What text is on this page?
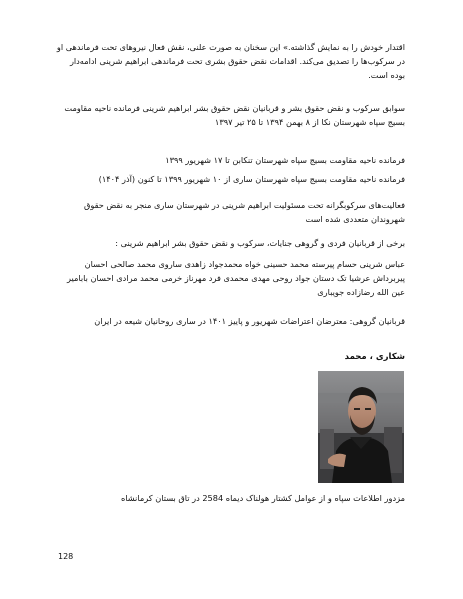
اقتدار خودش را به نمایش گذاشته.» این سخنان به صورت علنی، نقش فعال نیروهای تحت فرماندهی او در سرکوب‌ها را تصدیق می‌کند. اقدامات نقض حقوق بشری تحت فرماندهی ابراهیم شرینی ادامه‌دار بوده است.
سوابق سرکوب و نقض حقوق بشر و قربانیان نقض حقوق بشر ابراهیم شرینی فرمانده ناحیه مقاومت بسیج سپاه شهرستان نکا از ۸ بهمن ۱۳۹۴ تا ۲۵ تیر ۱۳۹۷
فرمانده ناحیه مقاومت بسیج سپاه شهرستان تنکابن تا ۱۷ شهریور ۱۳۹۹
فرمانده ناحیه مقاومت بسیج سپاه شهرستان ساری از ۱۰ شهریور ۱۳۹۹ تا کنون (آذر ۱۴۰۴)
فعالیت‌های سرکوبگرانه تحت مسئولیت ابراهیم شرینی در شهرستان ساری منجر به نقض حقوق شهروندان متعددی شده است
برخی از قربانیان فردی و گروهی جنایات، سرکوب و نقض حقوق بشر ابراهیم شرینی :
عباس شرینی حسام پیرسته محمد حسینی خواه محمدجواد زاهدی ساروی محمد صالحی احسان پیربرداش عرشیا تک دستان جواد روحی مهدی محمدی فرد مهرناز خرمی محمد مرادی احسان بابامیر عین الله رضازاده جویباری
قربانیان گروهی: معترضان اعتراضات شهریور و پاییز ۱۴۰۱ در ساری روحانیان شیعه در ایران
شکاری ، محمد
مزدور اطلاعات سپاه و از عوامل کشتار هولناک دیماه 2584 در تاق بستان کرمانشاه
128
